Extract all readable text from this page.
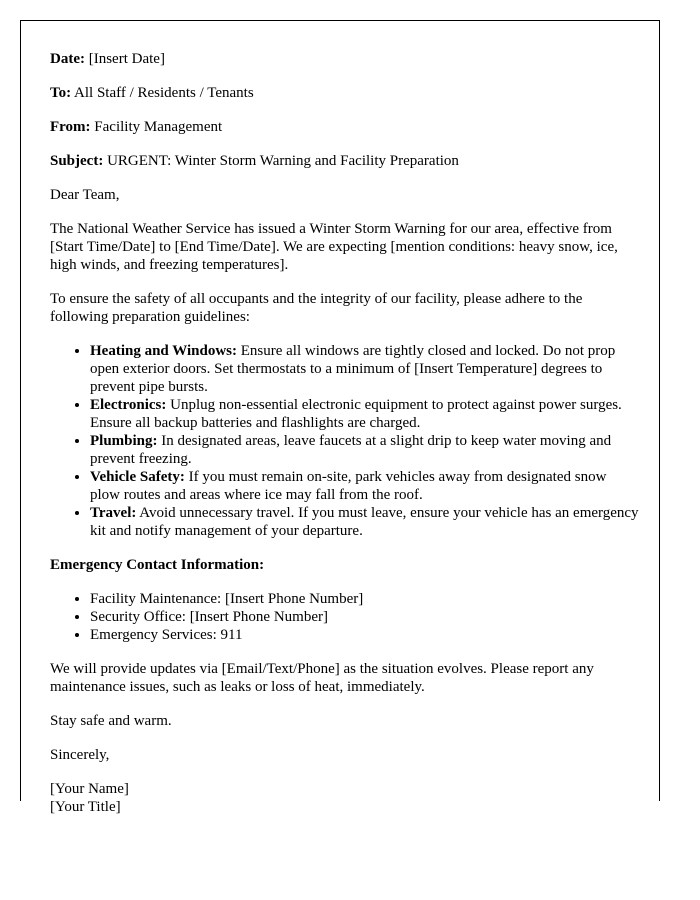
Date: [Insert Date]

To: All Staff / Residents / Tenants

From: Facility Management

Subject: URGENT: Winter Storm Warning and Facility Preparation

Dear Team,

The National Weather Service has issued a Winter Storm Warning for our area, effective from [Start Time/Date] to [End Time/Date]. We are expecting [mention conditions: heavy snow, ice, high winds, and freezing temperatures].

To ensure the safety of all occupants and the integrity of our facility, please adhere to the following preparation guidelines:

• Heating and Windows: Ensure all windows are tightly closed and locked. Do not prop open exterior doors. Set thermostats to a minimum of [Insert Temperature] degrees to prevent pipe bursts.
• Electronics: Unplug non-essential electronic equipment to protect against power surges. Ensure all backup batteries and flashlights are charged.
• Plumbing: In designated areas, leave faucets at a slight drip to keep water moving and prevent freezing.
• Vehicle Safety: If you must remain on-site, park vehicles away from designated snow plow routes and areas where ice may fall from the roof.
• Travel: Avoid unnecessary travel. If you must leave, ensure your vehicle has an emergency kit and notify management of your departure.

Emergency Contact Information:

• Facility Maintenance: [Insert Phone Number]
• Security Office: [Insert Phone Number]
• Emergency Services: 911

We will provide updates via [Email/Text/Phone] as the situation evolves. Please report any maintenance issues, such as leaks or loss of heat, immediately.

Stay safe and warm.

Sincerely,

[Your Name]
[Your Title]
